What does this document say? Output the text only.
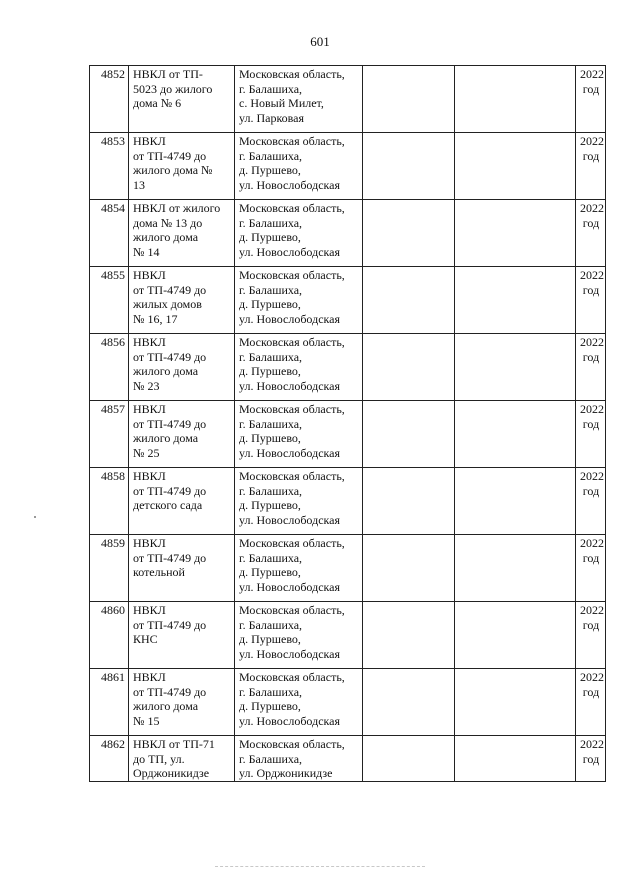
601
4852	НВКЛ от ТП-
5023 до жилого
дома № 6	Московская область,
г. Балашиха,
с. Новый Милет,
ул. Парковая			2022
год

4853	НВКЛ
от ТП-4749 до
жилого дома №
13	Московская область,
г. Балашиха,
д. Пуршево,
ул. Новослободская			2022
год

4854	НВКЛ от жилого
дома № 13 до
жилого дома
№ 14	Московская область,
г. Балашиха,
д. Пуршево,
ул. Новослободская			2022
год

4855	НВКЛ
от ТП-4749 до
жилых домов
№ 16, 17	Московская область,
г. Балашиха,
д. Пуршево,
ул. Новослободская			2022
год

4856	НВКЛ
от ТП-4749 до
жилого дома
№ 23	Московская область,
г. Балашиха,
д. Пуршево,
ул. Новослободская			2022
год

4857	НВКЛ
от ТП-4749 до
жилого дома
№ 25	Московская область,
г. Балашиха,
д. Пуршево,
ул. Новослободская			2022
год

4858	НВКЛ
от ТП-4749 до
детского сада	Московская область,
г. Балашиха,
д. Пуршево,
ул. Новослободская			2022
год

4859	НВКЛ
от ТП-4749 до
котельной	Московская область,
г. Балашиха,
д. Пуршево,
ул. Новослободская			2022
год

4860	НВКЛ
от ТП-4749 до
КНС	Московская область,
г. Балашиха,
д. Пуршево,
ул. Новослободская			2022
год

4861	НВКЛ
от ТП-4749 до
жилого дома
№ 15	Московская область,
г. Балашиха,
д. Пуршево,
ул. Новослободская			2022
год

4862	НВКЛ от ТП-71
до ТП, ул.
Орджоникидзе	Московская область,
г. Балашиха,
ул. Орджоникидзе			2022
год
